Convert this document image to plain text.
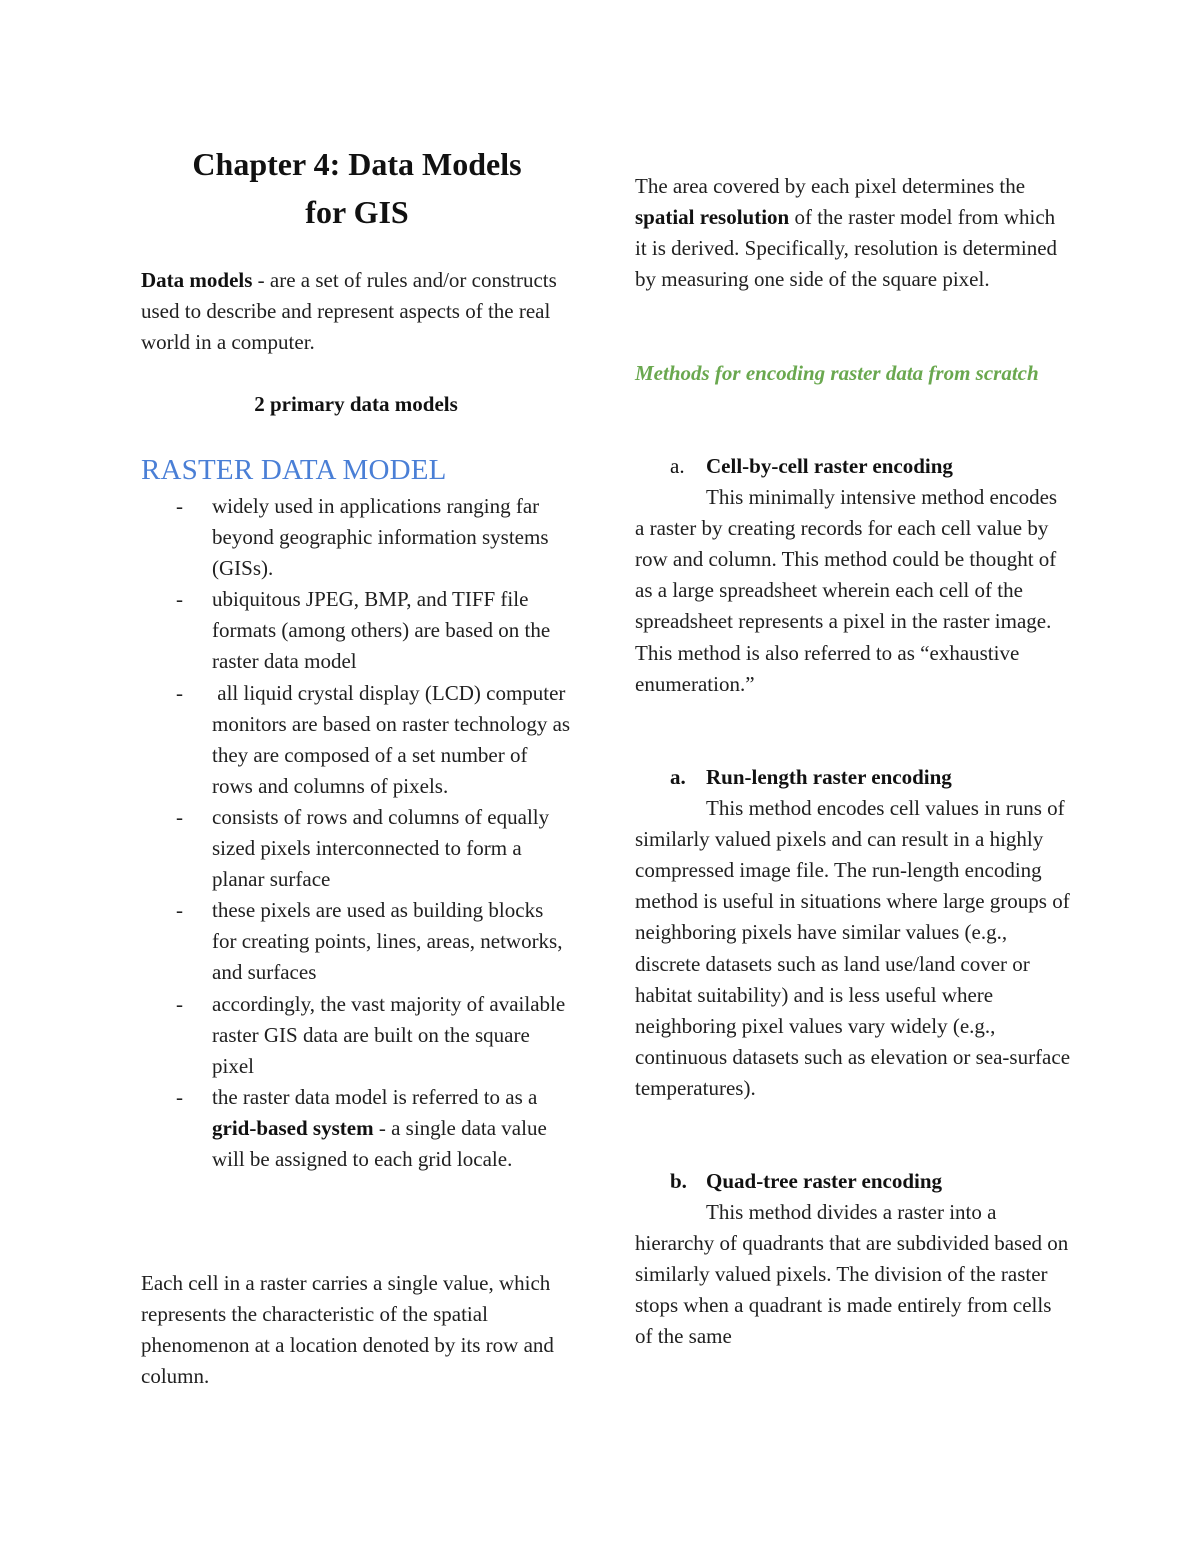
Chapter 4: Data Models
for GIS

Data models - are a set of rules and/or constructs used to describe and represent aspects of the real world in a computer.

2 primary data models

RASTER DATA MODEL
- widely used in applications ranging far beyond geographic information systems (GISs).
- ubiquitous JPEG, BMP, and TIFF file formats (among others) are based on the raster data model
- all liquid crystal display (LCD) computer monitors are based on raster technology as they are composed of a set number of rows and columns of pixels.
- consists of rows and columns of equally sized pixels interconnected to form a planar surface
- these pixels are used as building blocks for creating points, lines, areas, networks, and surfaces
- accordingly, the vast majority of available raster GIS data are built on the square pixel
- the raster data model is referred to as a grid-based system - a single data value will be assigned to each grid locale.

Each cell in a raster carries a single value, which represents the characteristic of the spatial phenomenon at a location denoted by its row and column.

The area covered by each pixel determines the spatial resolution of the raster model from which it is derived. Specifically, resolution is determined by measuring one side of the square pixel.

Methods for encoding raster data from scratch

a. Cell-by-cell raster encoding

This minimally intensive method encodes a raster by creating records for each cell value by row and column. This method could be thought of as a large spreadsheet wherein each cell of the spreadsheet represents a pixel in the raster image. This method is also referred to as “exhaustive enumeration.”

a. Run-length raster encoding

This method encodes cell values in runs of similarly valued pixels and can result in a highly compressed image file. The run-length encoding method is useful in situations where large groups of neighboring pixels have similar values (e.g., discrete datasets such as land use/land cover or habitat suitability) and is less useful where neighboring pixel values vary widely (e.g., continuous datasets such as elevation or sea-surface temperatures).

b. Quad-tree raster encoding

This method divides a raster into a hierarchy of quadrants that are subdivided based on similarly valued pixels. The division of the raster stops when a quadrant is made entirely from cells of the same
